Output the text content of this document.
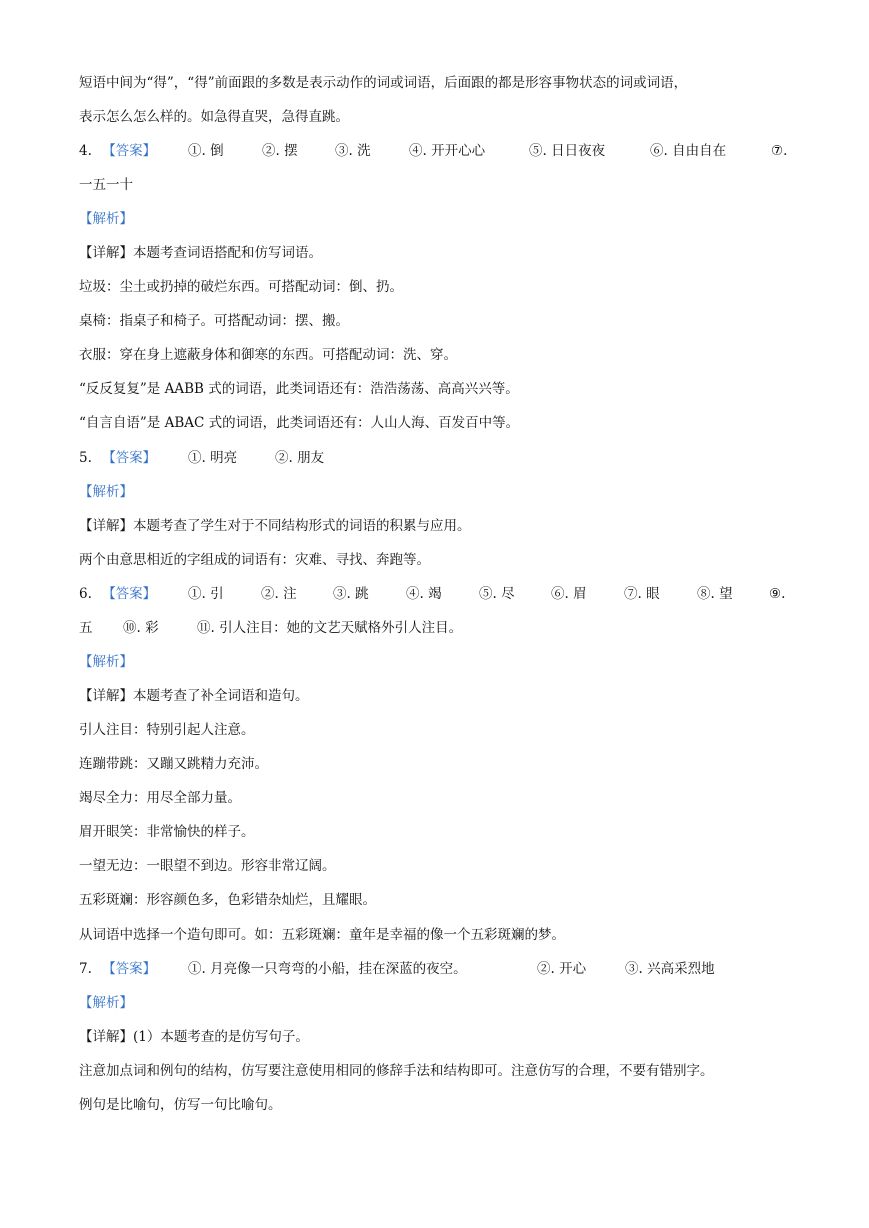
短语中间为“得”，“得”前面跟的多数是表示动作的词或词语，后面跟的都是形容事物状态的词或词语，
表示怎么怎么样的。如急得直哭，急得直跳。
4. 【答案】 ①. 倒	②. 摆	③. 洗	④. 开开心心	⑤. 日日夜夜	⑥. 自由自在	⑦.
一五一十
【解析】
【详解】本题考查词语搭配和仿写词语。
垃圾：尘土或扔掉的破烂东西。可搭配动词：倒、扔。
桌椅：指桌子和椅子。可搭配动词：摆、搬。
衣服：穿在身上遮蔽身体和御寒的东西。可搭配动词：洗、穿。
“反反复复”是 AABB 式的词语，此类词语还有：浩浩荡荡、高高兴兴等。
“自言自语”是 ABAC 式的词语，此类词语还有：人山人海、百发百中等。
5. 【答案】 ①. 明亮	②. 朋友
【解析】
【详解】本题考查了学生对于不同结构形式的词语的积累与应用。
两个由意思相近的字组成的词语有：灾难、寻找、奔跑等。
6. 【答案】 ①. 引	②. 注	③. 跳	④. 竭	⑤. 尽	⑥. 眉	⑦. 眼	⑧. 望	⑨.
五 ⑩. 彩	⑪. 引人注目：她的文艺天赋格外引人注目。
【解析】
【详解】本题考查了补全词语和造句。
引人注目：特别引起人注意。
连蹦带跳：又蹦又跳精力充沛。
竭尽全力：用尽全部力量。
眉开眼笑：非常愉快的样子。
一望无边：一眼望不到边。形容非常辽阔。
五彩斑斓：形容颜色多，色彩错杂灿烂，且耀眼。
从词语中选择一个造句即可。如：五彩斑斓：童年是幸福的像一个五彩斑斓的梦。
7. 【答案】 ①. 月亮像一只弯弯的小船，挂在深蓝的夜空。	②. 开心	③. 兴高采烈地
【解析】
【详解】(1）本题考查的是仿写句子。
注意加点词和例句的结构，仿写要注意使用相同的修辞手法和结构即可。注意仿写的合理，不要有错别字。
例句是比喻句，仿写一句比喻句。
